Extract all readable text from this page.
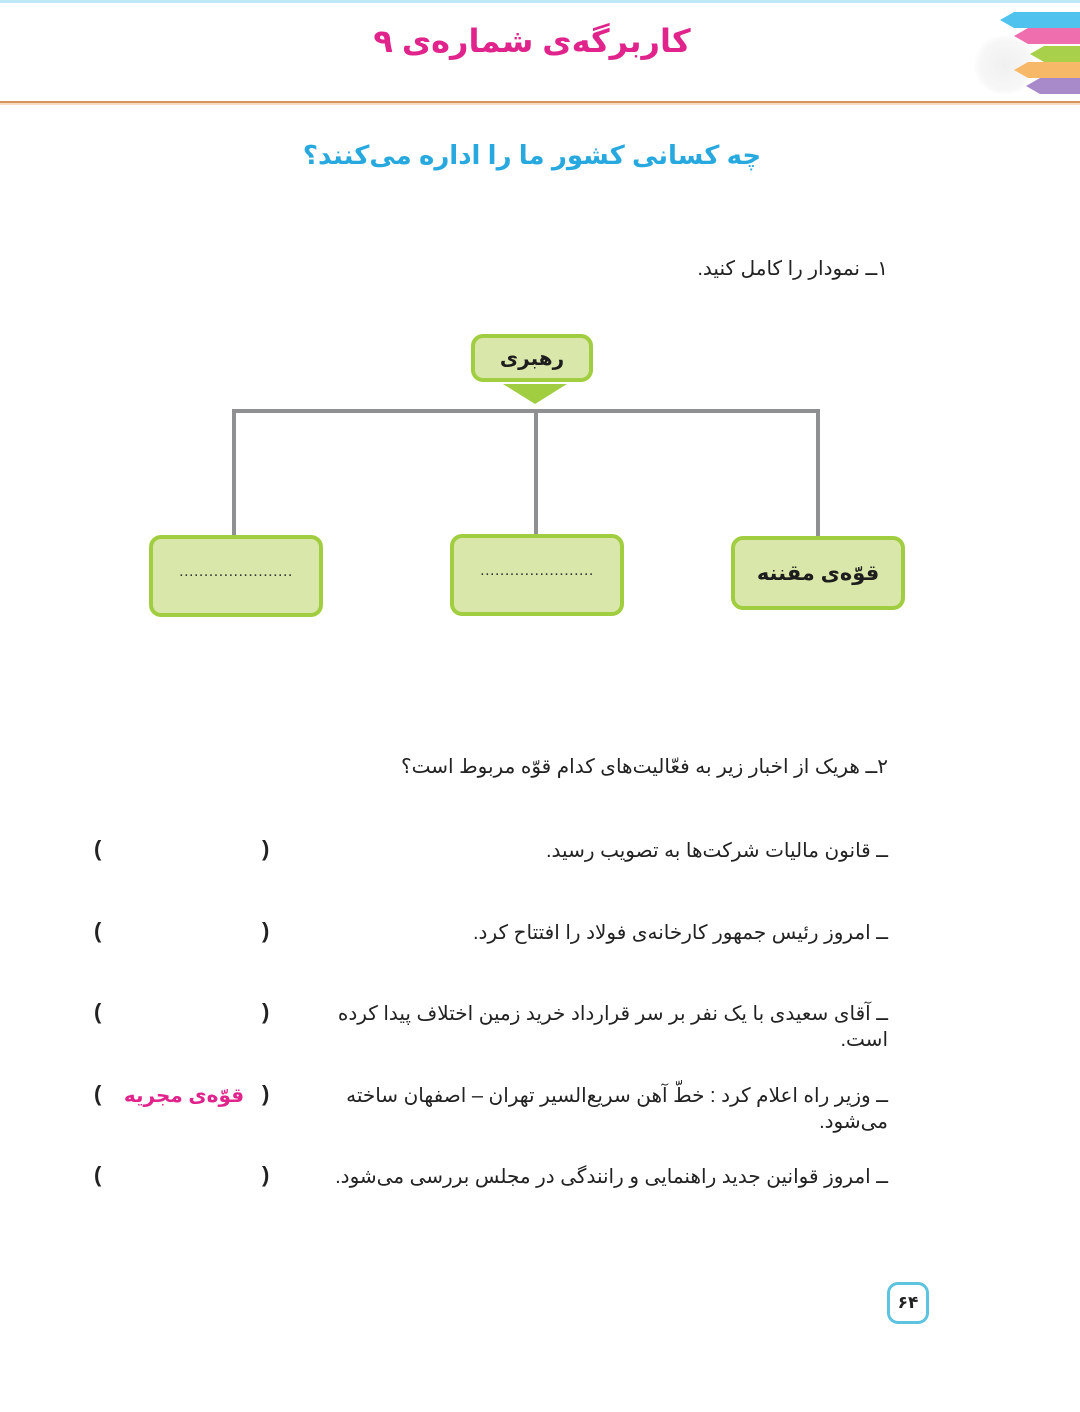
کاربرگه‌ی شماره‌ی ۹
چه کسانی کشور ما را اداره می‌کنند؟
۱ــ نمودار را کامل کنید.
رهبری
قوّه‌ی مقننه
.......................
.......................
۲ــ هریک از اخبار زیر به فعّالیت‌های کدام قوّه مربوط است؟
ــ قانون مالیات شرکت‌ها به تصویب رسید.
)
(
ــ امروز رئیس جمهور کارخانه‌ی فولاد را افتتاح کرد.
)
(
ــ آقای سعیدی با یک نفر بر سر قرارداد خرید زمین اختلاف پیدا کرده است.
)
(
ــ وزیر راه اعلام کرد : خطّ آهن سریع‌السیر تهران – اصفهان ساخته می‌شود.
)
قوّه‌ی مجریه
(
ــ امروز قوانین جدید راهنمایی و رانندگی در مجلس بررسی می‌شود.
)
(
۶۴
